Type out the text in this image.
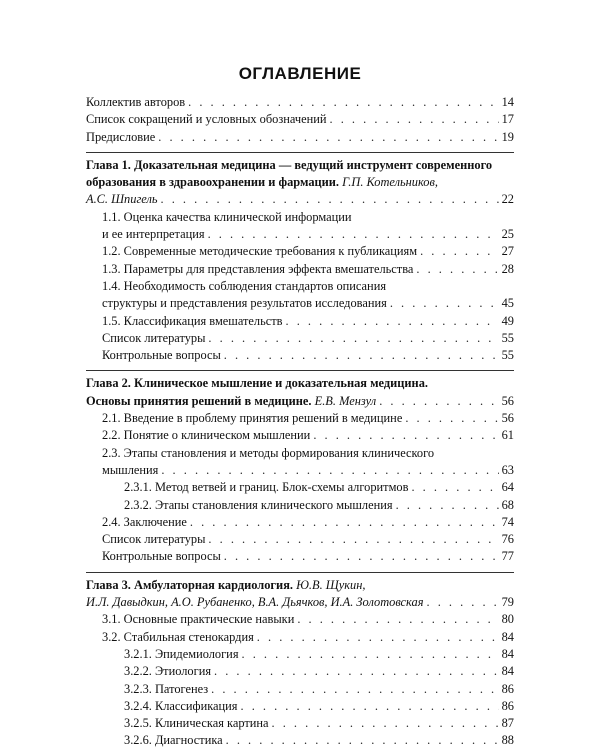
ОГЛАВЛЕНИЕ
Коллектив авторов . . .	14
Список сокращений и условных обозначений . . .	17
Предисловие . . .	19
Глава 1. Доказательная медицина — ведущий инструмент современного
образования в здравоохранении и фармации. Г.П. Котельников,
А.С. Шпигель . . .	22
1.1. Оценка качества клинической информации
и ее интерпретация . . .	25
1.2. Современные методические требования к публикациям . . .	27
1.3. Параметры для представления эффекта вмешательства . . .	28
1.4. Необходимость соблюдения стандартов описания
структуры и представления результатов исследования . . .	45
1.5. Классификация вмешательств . . .	49
Список литературы . . .	55
Контрольные вопросы . . .	55
Глава 2. Клиническое мышление и доказательная медицина.
Основы принятия решений в медицине. Е.В. Мензул . . .	56
2.1. Введение в проблему принятия решений в медицине . . .	56
2.2. Понятие о клиническом мышлении . . .	61
2.3. Этапы становления и методы формирования клинического
мышления . . .	63
2.3.1. Метод ветвей и границ. Блок-схемы алгоритмов . . .	64
2.3.2. Этапы становления клинического мышления . . .	68
2.4. Заключение . . .	74
Список литературы . . .	76
Контрольные вопросы . . .	77
Глава 3. Амбулаторная кардиология. Ю.В. Щукин,
И.Л. Давыдкин, А.О. Рубаненко, В.А. Дьячков, И.А. Золотовская . . .	79
3.1. Основные практические навыки . . .	80
3.2. Стабильная стенокардия . . .	84
3.2.1. Эпидемиология . . .	84
3.2.2. Этиология . . .	84
3.2.3. Патогенез . . .	86
3.2.4. Классификация . . .	86
3.2.5. Клиническая картина . . .	87
3.2.6. Диагностика . . .	88
